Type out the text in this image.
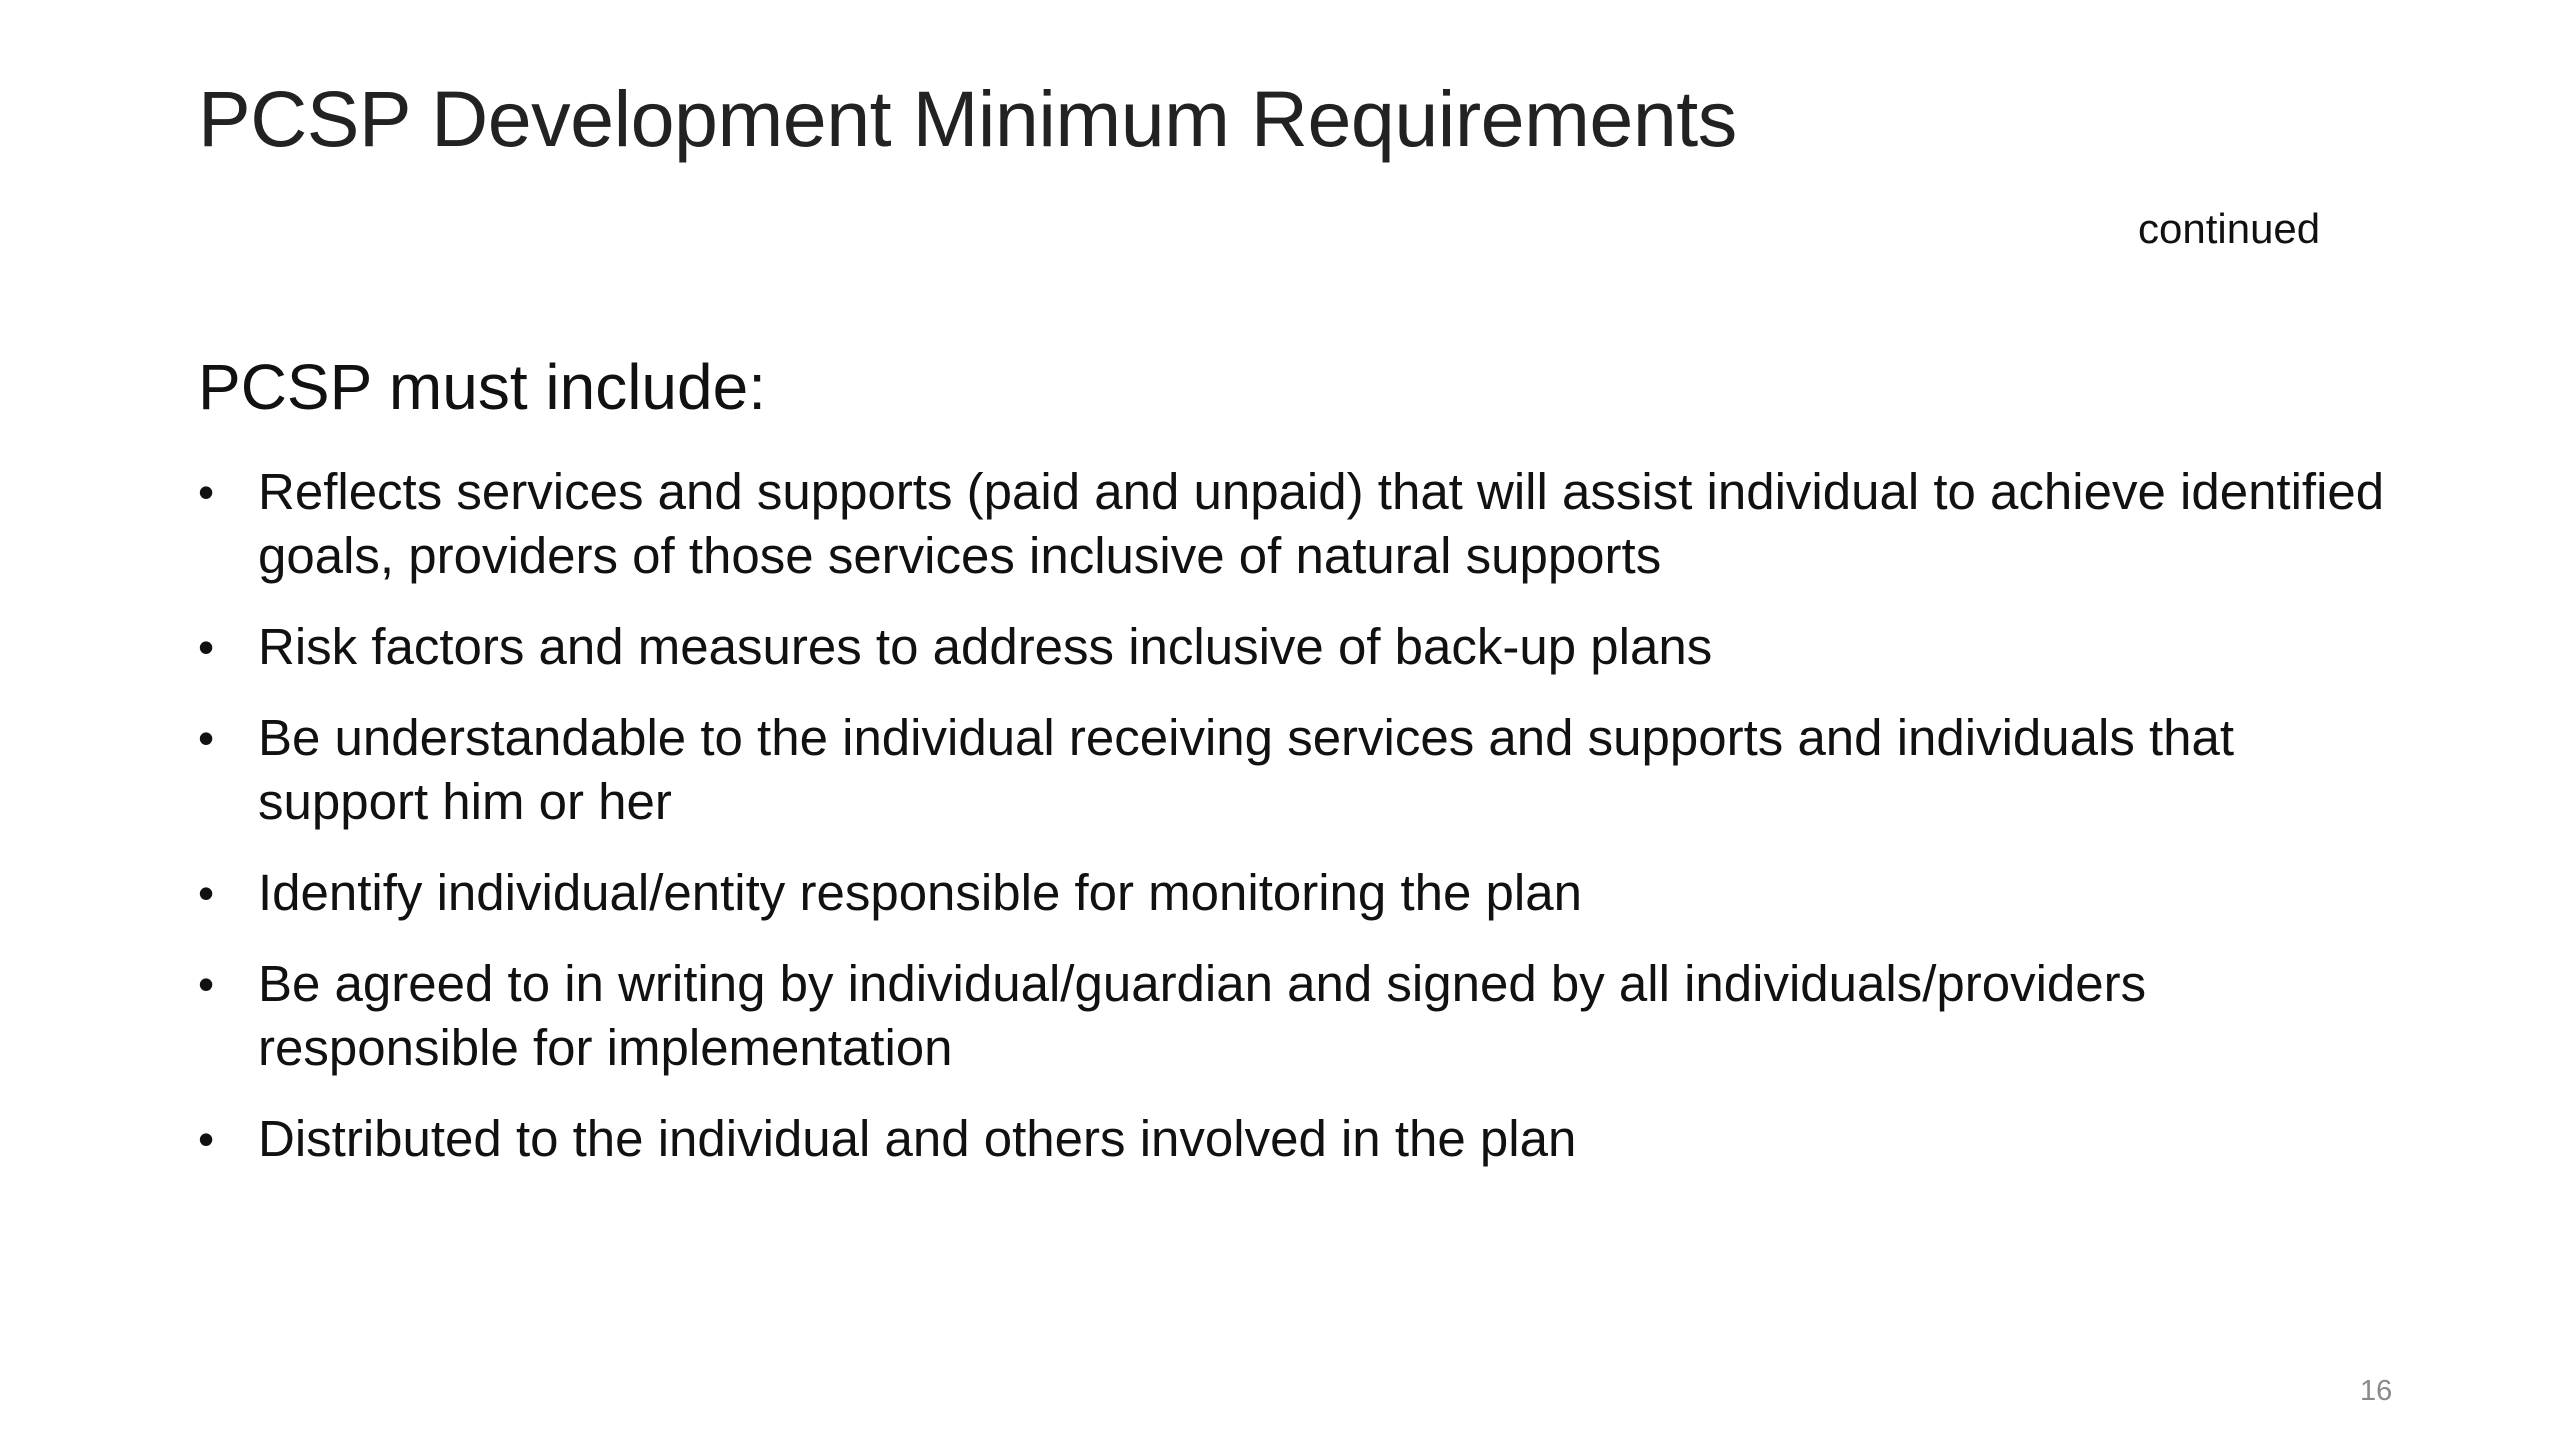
PCSP Development Minimum Requirements
continued
PCSP must include:
• Reflects services and supports (paid and unpaid) that will assist individual to achieve identified goals, providers of those services inclusive of natural supports
• Risk factors and measures to address inclusive of back-up plans
• Be understandable to the individual receiving services and supports and individuals that support him or her
• Identify individual/entity responsible for monitoring the plan
• Be agreed to in writing by individual/guardian and signed by all individuals/providers responsible for implementation
• Distributed to the individual and others involved in the plan
16
